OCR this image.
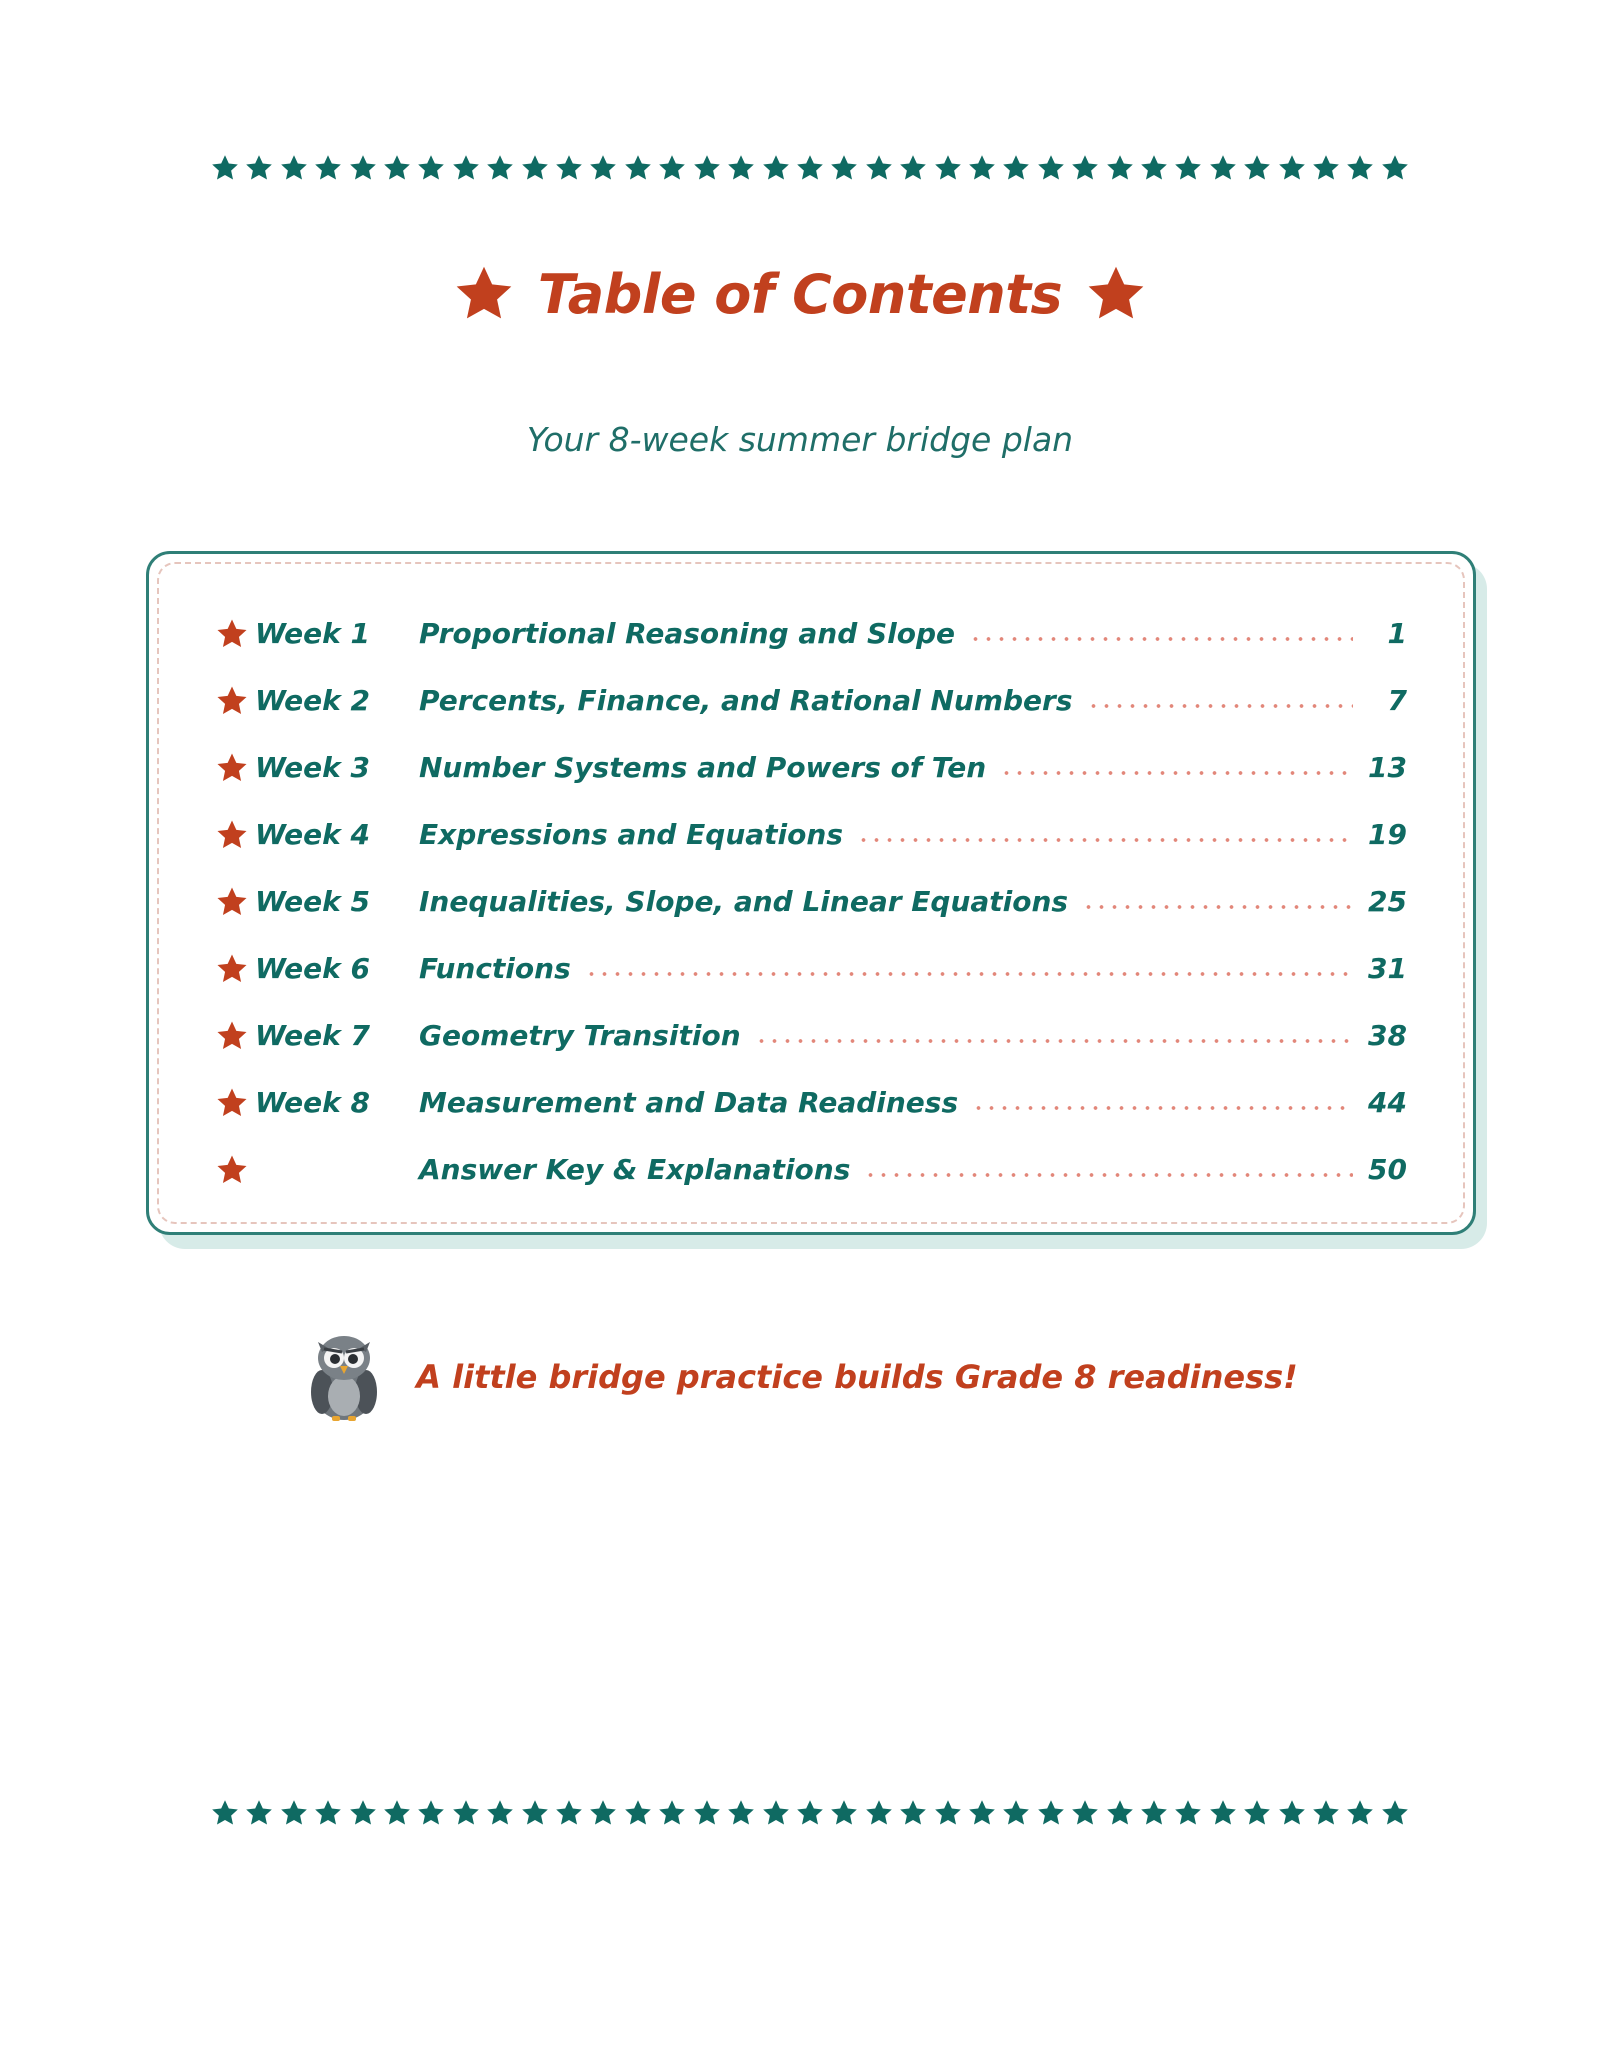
Table of Contents
Your 8-week summer bridge plan
Week 1	Proportional Reasoning and Slope	1
Week 2	Percents, Finance, and Rational Numbers	7
Week 3	Number Systems and Powers of Ten	13
Week 4	Expressions and Equations	19
Week 5	Inequalities, Slope, and Linear Equations	25
Week 6	Functions	31
Week 7	Geometry Transition	38
Week 8	Measurement and Data Readiness	44
Answer Key & Explanations	50
A little bridge practice builds Grade 8 readiness!
